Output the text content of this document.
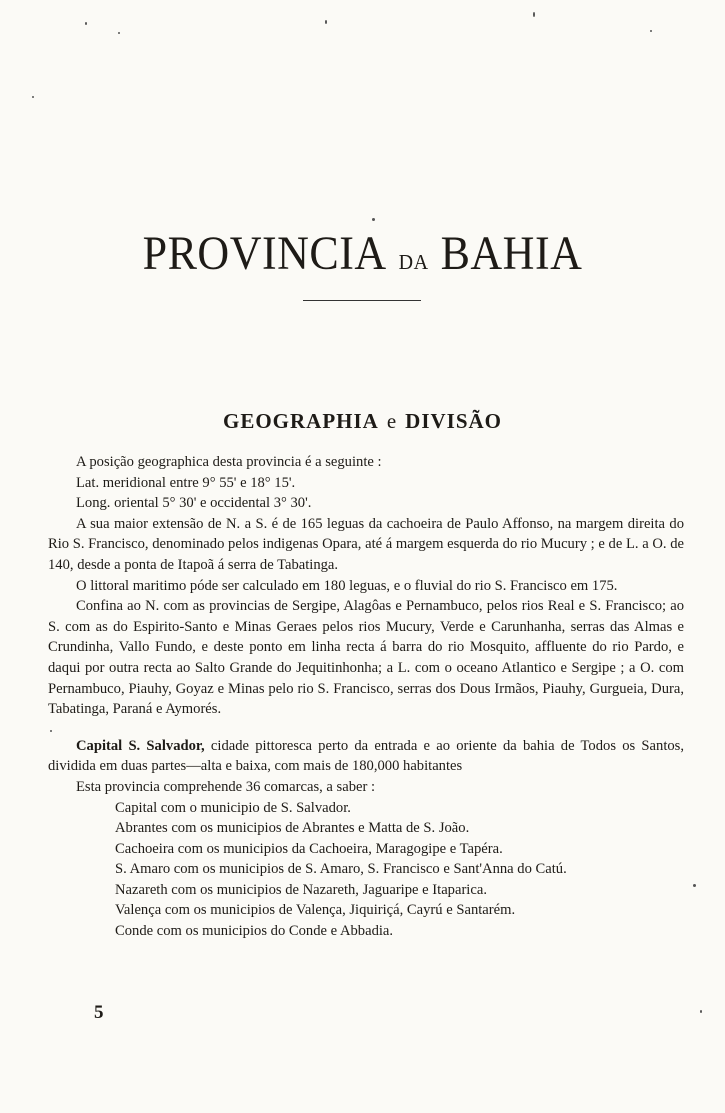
PROVINCIA DA BAHIA
GEOGRAPHIA e DIVISÃO

A posição geographica desta provincia é a seguinte :

Lat. meridional entre 9° 55' e 18° 15'.

Long. oriental 5° 30' e occidental 3° 30'.

A sua maior extensão de N. a S. é de 165 leguas da cachoeira de Paulo Affonso, na margem direita do Rio S. Francisco, denominado pelos indigenas Opara, até á margem esquerda do rio Mucury ; e de L. a O. de 140, desde a ponta de Itapoã á serra de Tabatinga.

O littoral maritimo póde ser calculado em 180 leguas, e o fluvial do rio S. Francisco em 175.

Confina ao N. com as provincias de Sergipe, Alagôas e Pernambuco, pelos rios Real e S. Francisco; ao S. com as do Espirito-Santo e Minas Geraes pelos rios Mucury, Verde e Carunhanha, serras das Almas e Crundinha, Vallo Fundo, e deste ponto em linha recta á barra do rio Mosquito, affluente do rio Pardo, e daqui por outra recta ao Salto Grande do Jequitinhonha; a L. com o oceano Atlantico e Sergipe ; a O. com Pernambuco, Piauhy, Goyaz e Minas pelo rio S. Francisco, serras dos Dous Irmãos, Piauhy, Gurgueia, Dura, Tabatinga, Paraná e Aymorés.

Capital S. Salvador, cidade pittoresca perto da entrada e ao oriente da bahia de Todos os Santos, dividida em duas partes—alta e baixa, com mais de 180,000 habitantes

Esta provincia comprehende 36 comarcas, a saber :

Capital com o municipio de S. Salvador.
Abrantes com os municipios de Abrantes e Matta de S. João.
Cachoeira com os municipios da Cachoeira, Maragogipe e Tapéra.
S. Amaro com os municipios de S. Amaro, S. Francisco e Sant'Anna do Catú.
Nazareth com os municipios de Nazareth, Jaguaripe e Itaparica.
Valença com os municipios de Valença, Jiquiriçá, Cayrú e Santarém.
Conde com os municipios do Conde e Abbadia.
5
